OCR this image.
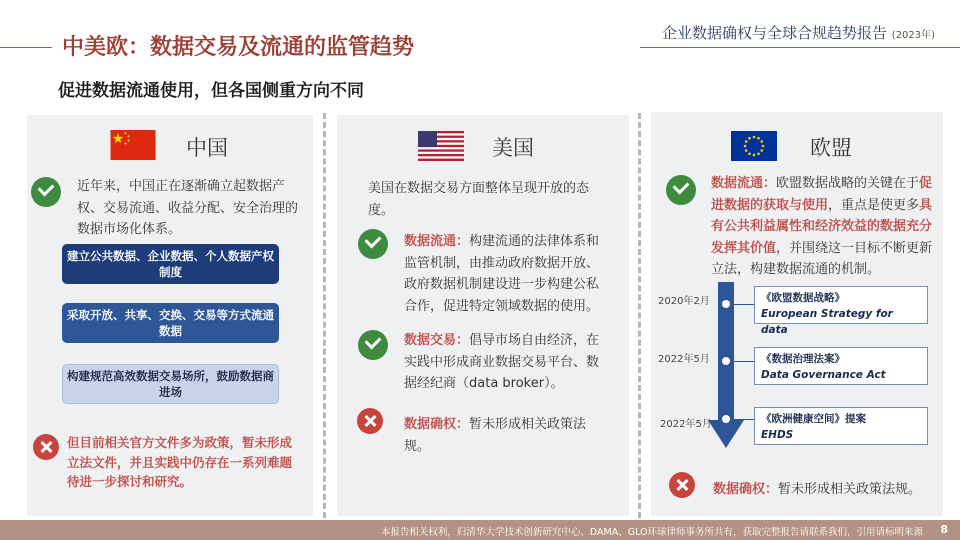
中美欧：数据交易及流通的监管趋势
企业数据确权与全球合规趋势报告 (2023年)
促进数据流通使用，但各国侧重方向不同
中国
近年来，中国正在逐渐确立起数据产权、交易流通、收益分配、安全治理的数据市场化体系。
建立公共数据、企业数据、个人数据产权制度
采取开放、共享、交换、交易等方式流通数据
构建规范高效数据交易场所，鼓励数据商进场
但目前相关官方文件多为政策，暂未形成立法文件，并且实践中仍存在一系列难题待进一步探讨和研究。
美国
美国在数据交易方面整体呈现开放的态度。
数据流通：构建流通的法律体系和监管机制，由推动政府数据开放、政府数据机制建设进一步构建公私合作，促进特定领域数据的使用。
数据交易：倡导市场自由经济，在实践中形成商业数据交易平台、数据经纪商（data broker）。
数据确权：暂未形成相关政策法规。
欧盟
数据流通：欧盟数据战略的关键在于促进数据的获取与使用，重点是使更多具有公共利益属性和经济效益的数据充分发挥其价值，并围绕这一目标不断更新立法，构建数据流通的机制。
2020年2月	《欧盟数据战略》
European Strategy for data
2022年5月	《数据治理法案》
Data Governance Act
2022年5月	《欧洲健康空间》提案
EHDS
数据确权：暂未形成相关政策法规。
本报告相关权利，归清华大学技术创新研究中心、DAMA、GLO环球律师事务所共有，获取完整报告请联系我们，引用请标明来源 8
